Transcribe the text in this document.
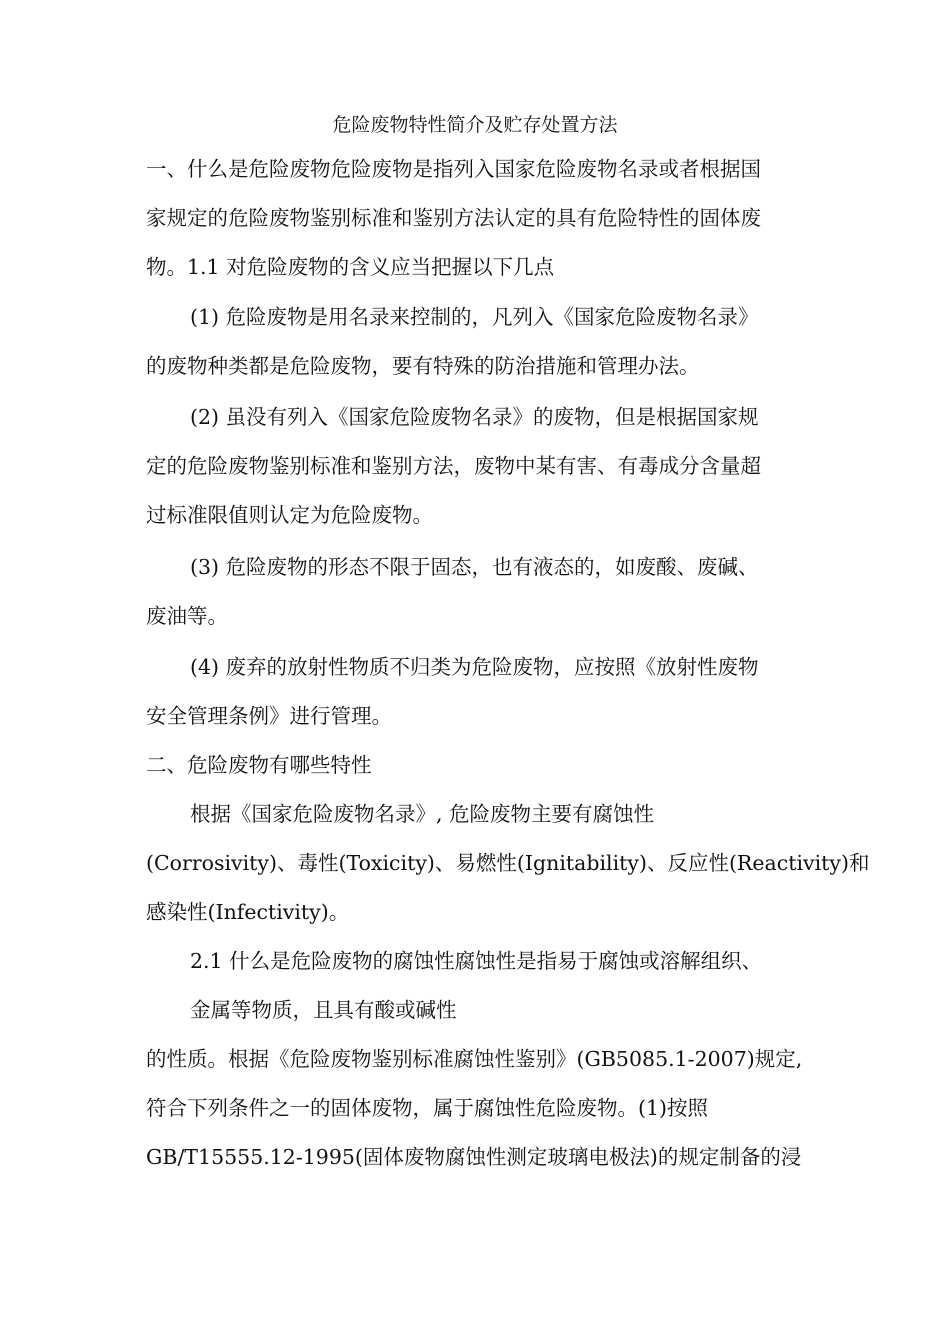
危险废物特性简介及贮存处置方法
一、什么是危险废物危险废物是指列入国家危险废物名录或者根据国
家规定的危险废物鉴别标准和鉴别方法认定的具有危险特性的固体废
物。1.1 对危险废物的含义应当把握以下几点
(1) 危险废物是用名录来控制的，凡列入《国家危险废物名录》
的废物种类都是危险废物，要有特殊的防治措施和管理办法。
(2) 虽没有列入《国家危险废物名录》的废物，但是根据国家规
定的危险废物鉴别标准和鉴别方法，废物中某有害、有毒成分含量超
过标准限值则认定为危险废物。
(3) 危险废物的形态不限于固态，也有液态的，如废酸、废碱、
废油等。
(4) 废弃的放射性物质不归类为危险废物，应按照《放射性废物
安全管理条例》进行管理。
二、危险废物有哪些特性
根据《国家危险废物名录》, 危险废物主要有腐蚀性
(Corrosivity)、毒性(Toxicity)、易燃性(Ignitability)、反应性(Reactivity)和
感染性(Infectivity)。
2.1 什么是危险废物的腐蚀性腐蚀性是指易于腐蚀或溶解组织、
金属等物质，且具有酸或碱性
的性质。根据《危险废物鉴别标准腐蚀性鉴别》(GB5085.1-2007)规定,
符合下列条件之一的固体废物，属于腐蚀性危险废物。(1)按照
GB/T15555.12-1995(固体废物腐蚀性测定玻璃电极法)的规定制备的浸
